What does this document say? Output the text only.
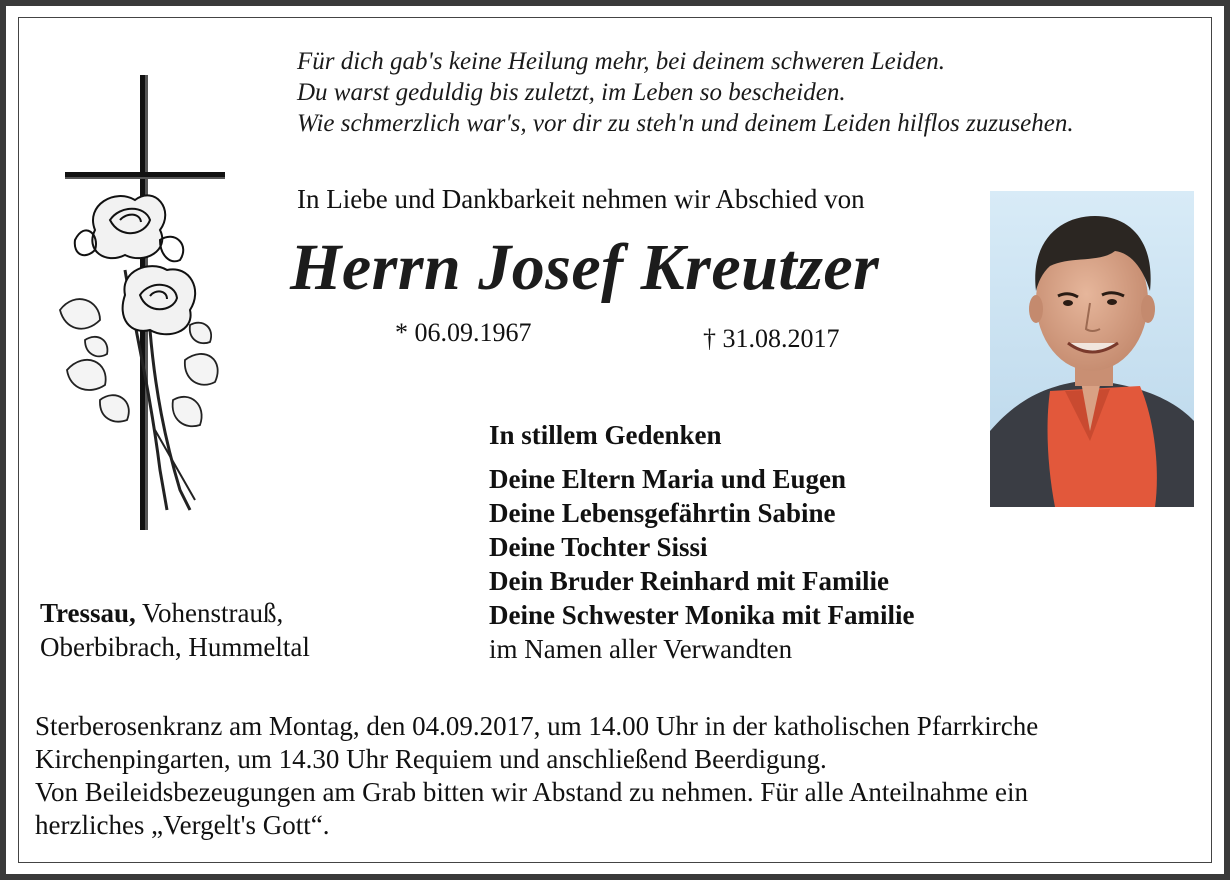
Für dich gab's keine Heilung mehr, bei deinem schweren Leiden.
Du warst geduldig bis zuletzt, im Leben so bescheiden.
Wie schmerzlich war's, vor dir zu steh'n und deinem Leiden hilflos zuzusehen.
In Liebe und Dankbarkeit nehmen wir Abschied von
Herrn Josef Kreutzer
* 06.09.1967	† 31.08.2017
In stillem Gedenken
Deine Eltern Maria und Eugen
Deine Lebensgefährtin Sabine
Deine Tochter Sissi
Dein Bruder Reinhard mit Familie
Deine Schwester Monika mit Familie
im Namen aller Verwandten
Tressau, Vohenstrauß,
Oberbibrach, Hummeltal
Sterberosenkranz am Montag, den 04.09.2017, um 14.00 Uhr in der katholischen Pfarrkirche
Kirchenpingarten, um 14.30 Uhr Requiem und anschließend Beerdigung.
Von Beileidsbezeugungen am Grab bitten wir Abstand zu nehmen. Für alle Anteilnahme ein
herzliches „Vergelt's Gott“.
